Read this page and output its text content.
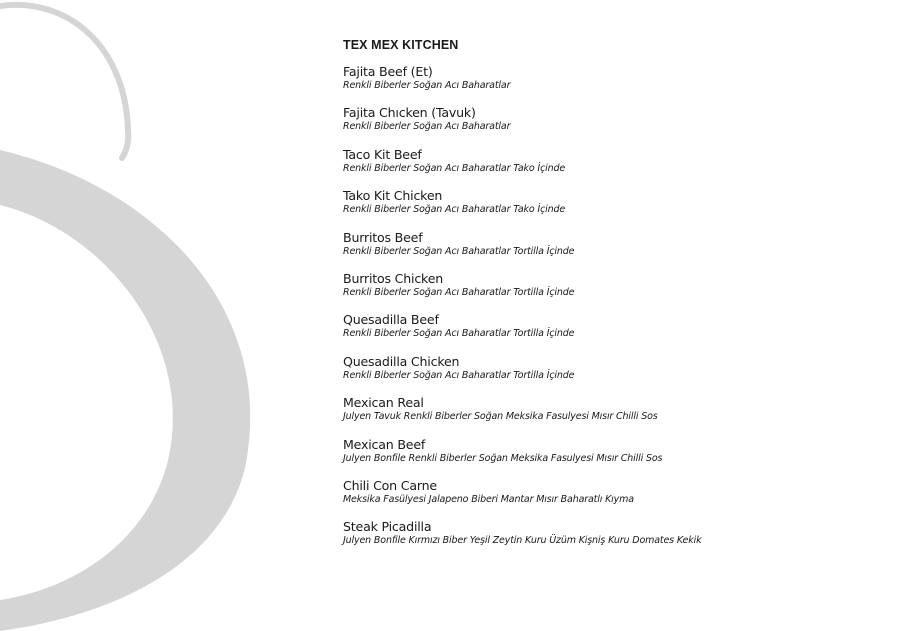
TEX MEX KITCHEN
Fajita Beef (Et)
Renkli Biberler Soğan Acı Baharatlar
Fajita Chıcken (Tavuk)
Renkli Biberler Soğan Acı Baharatlar
Taco Kit Beef
Renkli Biberler Soğan Acı Baharatlar Tako İçinde
Tako Kit Chicken
Renkli Biberler Soğan Acı Baharatlar Tako İçinde
Burritos Beef
Renkli Biberler Soğan Acı Baharatlar Tortilla İçinde
Burritos Chicken
Renkli Biberler Soğan Acı Baharatlar Tortilla İçinde
Quesadilla Beef
Renkli Biberler Soğan Acı Baharatlar Tortilla İçinde
Quesadilla Chicken
Renkli Biberler Soğan Acı Baharatlar Tortilla İçinde
Mexican Real
Julyen Tavuk Renkli Biberler Soğan Meksika Fasulyesi Mısır Chilli Sos
Mexican Beef
Julyen Bonfile Renkli Biberler Soğan Meksika Fasulyesi Mısır Chilli Sos
Chili Con Carne
Meksika Fasülyesi Jalapeno Biberi Mantar Mısır Baharatlı Kıyma
Steak Picadilla
Julyen Bonfile Kırmızı Biber Yeşil Zeytin Kuru Üzüm Kişniş Kuru Domates Kekik
